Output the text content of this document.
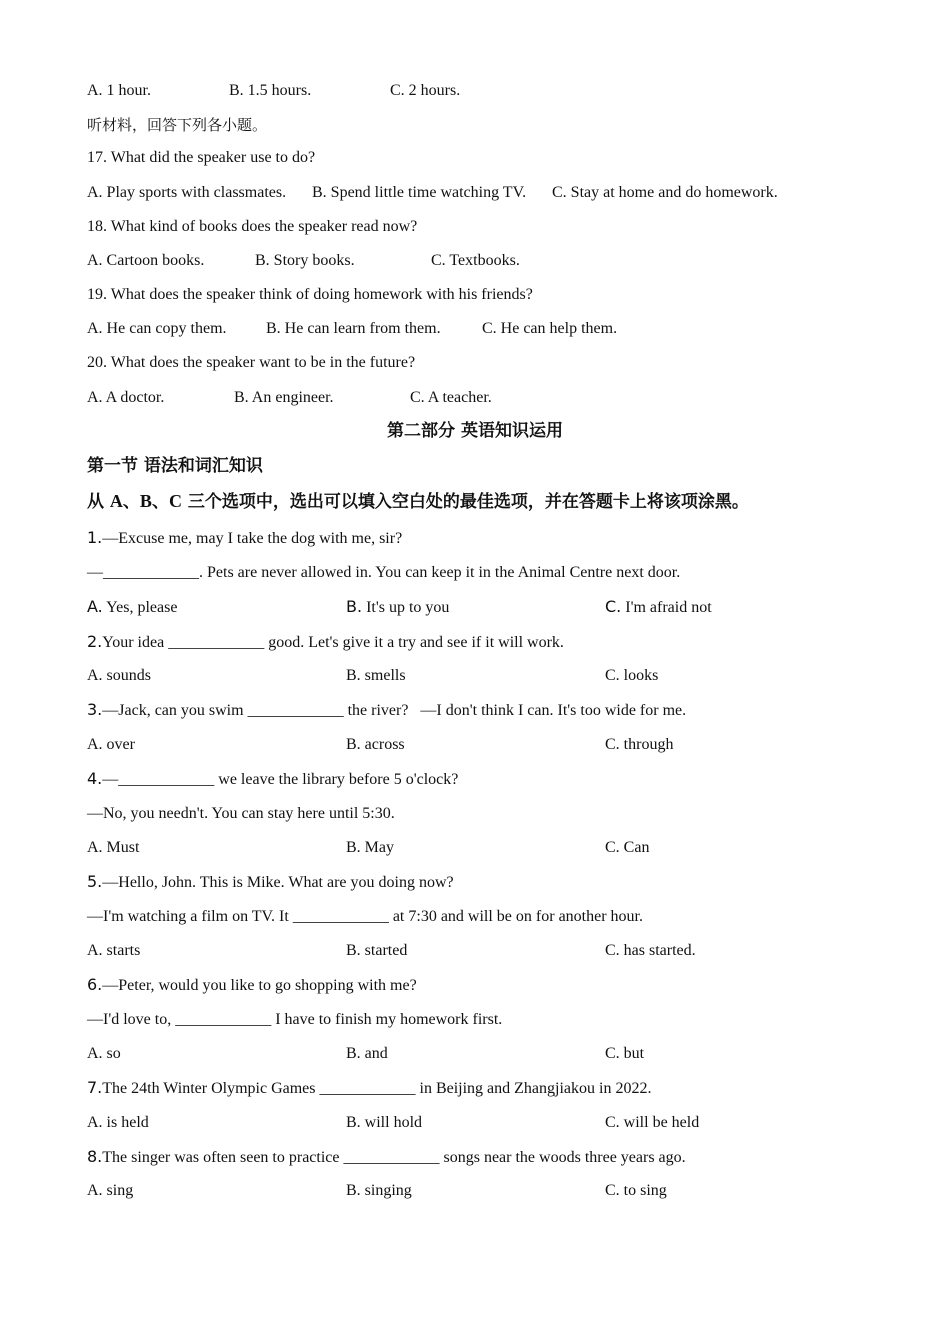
A. 1 hour.	B. 1.5 hours.	C. 2 hours.
听材料，回答下列各小题。
17. What did the speaker use to do?
A. Play sports with classmates. B. Spend little time watching TV. C. Stay at home and do homework.
18. What kind of books does the speaker read now?
A. Cartoon books.	B. Story books.	C. Textbooks.
19. What does the speaker think of doing homework with his friends?
A. He can copy them. B. He can learn from them.	C. He can help them.
20. What does the speaker want to be in the future?
A. A doctor.	B. An engineer.	C. A teacher.
第二部分 英语知识运用
第一节 语法和词汇知识
从 A、B、C 三个选项中，选出可以填入空白处的最佳选项，并在答题卡上将该项涂黑。
1.—Excuse me, may I take the dog with me, sir?
—____________. Pets are never allowed in. You can keep it in the Animal Centre next door.
A. Yes, please	B. It's up to you	C. I'm afraid not
2.Your idea ____________ good. Let's give it a try and see if it will work.
A. sounds	B. smells	C. looks
3.—Jack, can you swim ____________ the river?   —I don't think I can. It's too wide for me.
A. over	B. across	C. through
4.—____________ we leave the library before 5 o'clock?
—No, you needn't. You can stay here until 5:30.
A. Must	B. May	C. Can
5.—Hello, John. This is Mike. What are you doing now?
—I'm watching a film on TV. It ____________ at 7:30 and will be on for another hour.
A. starts	B. started	C. has started.
6.—Peter, would you like to go shopping with me?
—I'd love to, ____________ I have to finish my homework first.
A. so	B. and	C. but
7.The 24th Winter Olympic Games ____________ in Beijing and Zhangjiakou in 2022.
A. is held	B. will hold	C. will be held
8.The singer was often seen to practice ____________ songs near the woods three years ago.
A. sing	B. singing	C. to sing
